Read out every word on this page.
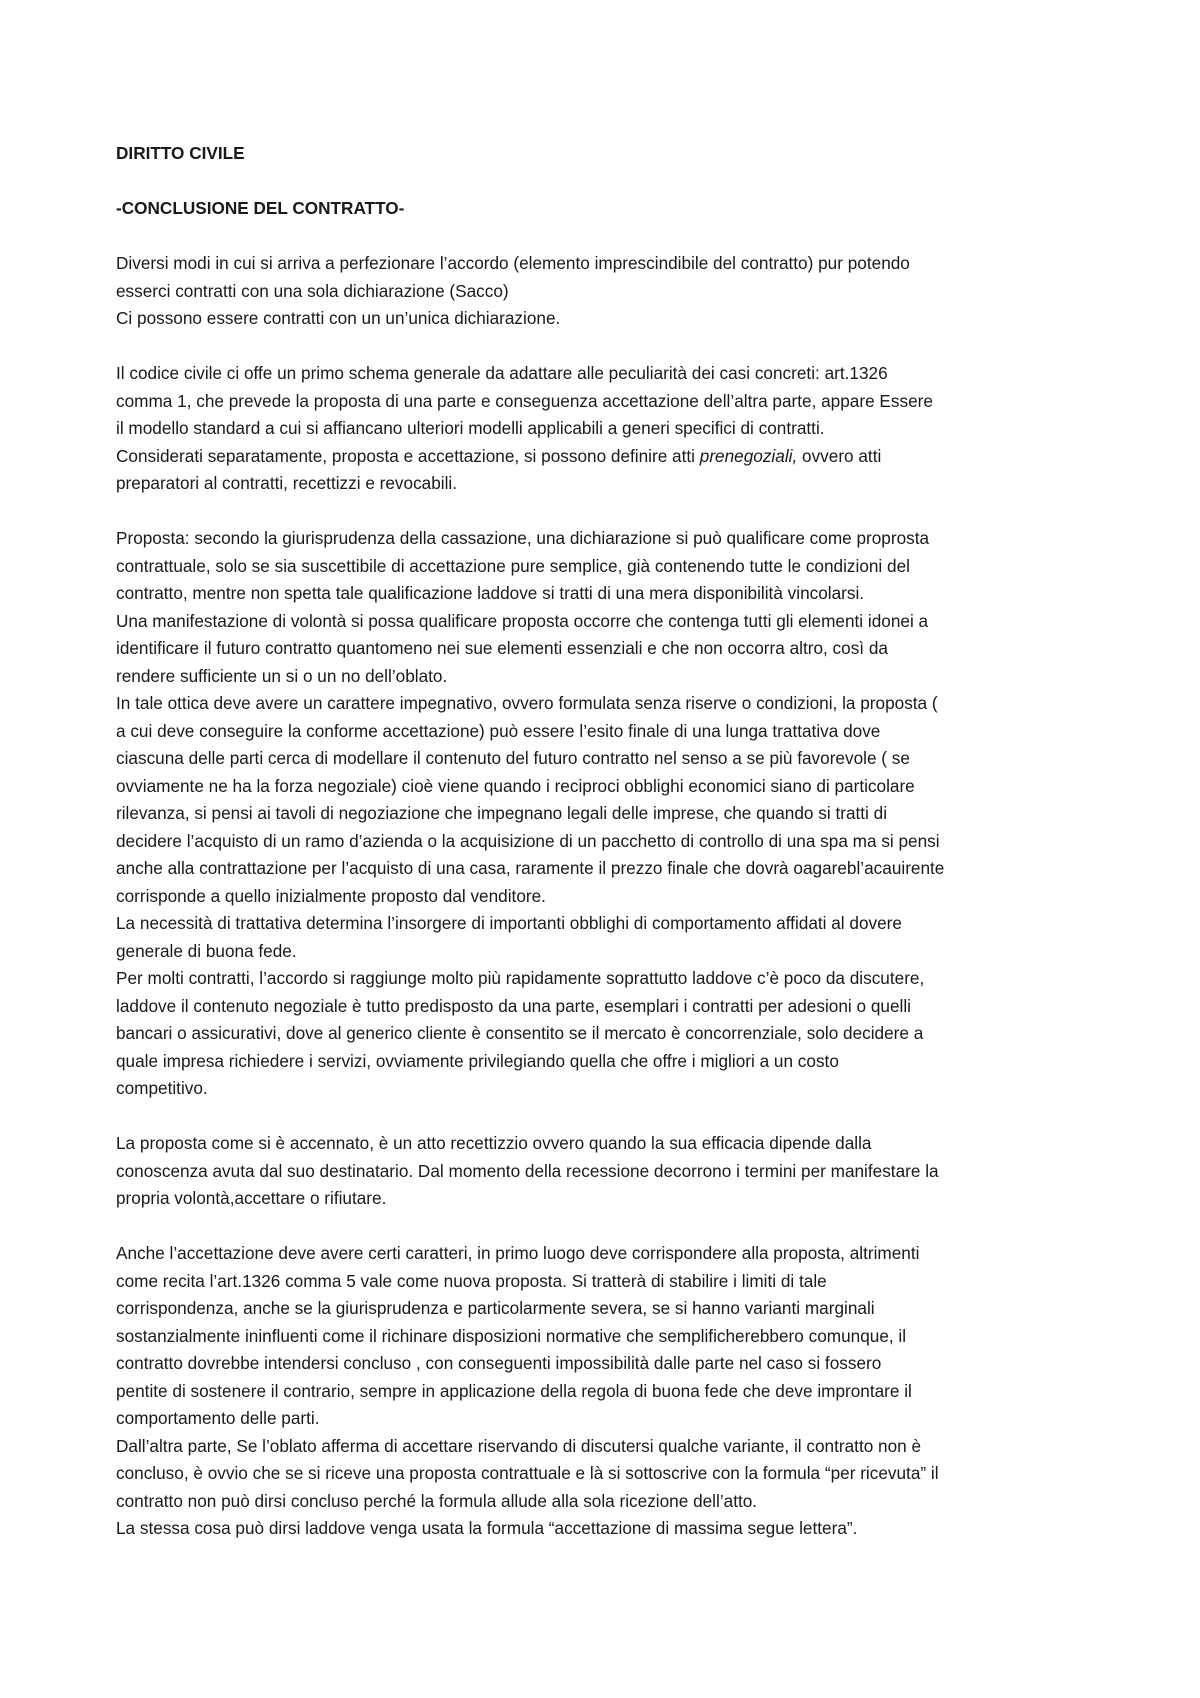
DIRITTO CIVILE

-CONCLUSIONE DEL CONTRATTO-

Diversi modi in cui si arriva a perfezionare l’accordo (elemento imprescindibile del contratto) pur potendo

esserci contratti con una sola dichiarazione (Sacco)

Ci possono essere contratti con un un’unica dichiarazione.

Il codice civile ci offe un primo schema generale da adattare alle peculiarità dei casi concreti: art.1326

comma 1, che prevede la proposta di una parte e conseguenza accettazione dell’altra parte, appare Essere

il modello standard a cui si affiancano ulteriori modelli applicabili a generi specifici di contratti.

Considerati separatamente, proposta e accettazione, si possono definire atti prenegoziali, ovvero atti

preparatori al contratti, recettizzi e revocabili.

Proposta: secondo la giurisprudenza della cassazione, una dichiarazione si può qualificare come proprosta

contrattuale, solo se sia suscettibile di accettazione pure semplice, già contenendo tutte le condizioni del

contratto, mentre non spetta tale qualificazione laddove si tratti di una mera disponibilità vincolarsi.

Una manifestazione di volontà si possa qualificare proposta occorre che contenga tutti gli elementi idonei a

identificare il futuro contratto quantomeno nei sue elementi essenziali e che non occorra altro, così da

rendere sufficiente un si o un no dell’oblato.

In tale ottica deve avere un carattere impegnativo, ovvero formulata senza riserve o condizioni, la proposta (

a cui deve conseguire la conforme accettazione) può essere l’esito finale di una lunga trattativa dove

ciascuna delle parti cerca di modellare il contenuto del futuro contratto nel senso a se più favorevole ( se

ovviamente ne ha la forza negoziale) cioè viene quando i reciproci obblighi economici siano di particolare

rilevanza, si pensi ai tavoli di negoziazione che impegnano legali delle imprese, che quando si tratti di

decidere l’acquisto di un ramo d’azienda o la acquisizione di un pacchetto di controllo di una spa ma si pensi

anche alla contrattazione per l’acquisto di una casa, raramente il prezzo finale che dovrà oagarebl’acauirente

corrisponde a quello inizialmente proposto dal venditore.

La necessità di trattativa determina l’insorgere di importanti obblighi di comportamento affidati al dovere

generale di buona fede.

Per molti contratti, l’accordo si raggiunge molto più rapidamente soprattutto laddove c’è poco da discutere,

laddove il contenuto negoziale è tutto predisposto da una parte, esemplari i contratti per adesioni o quelli

bancari o assicurativi, dove al generico cliente è consentito se il mercato è concorrenziale, solo decidere a

quale impresa richiedere i servizi, ovviamente privilegiando quella che offre i migliori a un costo

competitivo.

La proposta come si è accennato, è un atto recettizzio ovvero quando la sua efficacia dipende dalla

conoscenza avuta dal suo destinatario. Dal momento della recessione decorrono i termini per manifestare la

propria volontà,accettare o rifiutare.

Anche l’accettazione deve avere certi caratteri, in primo luogo deve corrispondere alla proposta, altrimenti

come recita l’art.1326 comma 5 vale come nuova proposta. Si tratterà di stabilire i limiti di tale

corrispondenza, anche se la giurisprudenza e particolarmente severa, se si hanno varianti marginali

sostanzialmente ininfluenti come il richinare disposizioni normative che semplificherebbero comunque, il

contratto dovrebbe intendersi concluso , con conseguenti impossibilità dalle parte nel caso si fossero

pentite di sostenere il contrario, sempre in applicazione della regola di buona fede che deve improntare il

comportamento delle parti.

Dall’altra parte, Se l’oblato afferma di accettare riservando di discutersi qualche variante, il contratto non è

concluso, è ovvio che se si riceve una proposta contrattuale e là si sottoscrive con la formula “per ricevuta” il

contratto non può dirsi concluso perché la formula allude alla sola ricezione dell’atto.

La stessa cosa può dirsi laddove venga usata la formula “accettazione di massima segue lettera”.
